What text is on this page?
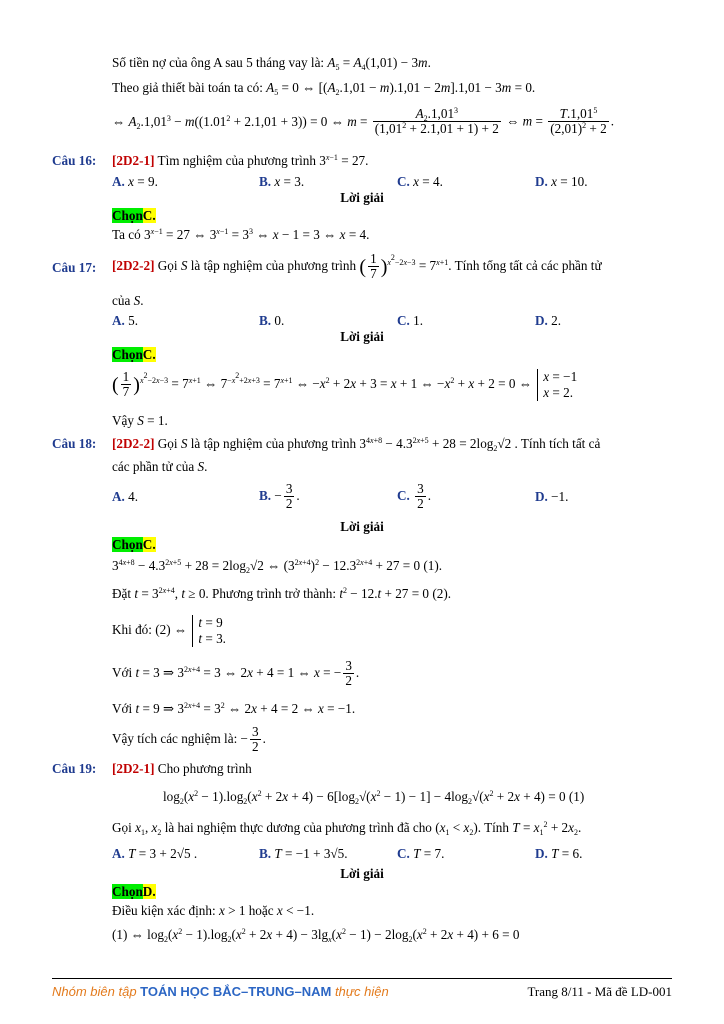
Số tiền nợ của ông A sau 5 tháng vay là: $A_5 = A_4(1,01) - 3m$.
Theo giả thiết bài toán ta có: $A_5 = 0$ ⇔ $[(A_2.1,01 - m).1,01 - 2m].1,01 - 3m = 0$.
⇔ $A_2.1,01^3 - m((1.01^2 + 2.1,01 + 3)) = 0$ ⇔ $m = \frac{A_2.1,01^3}{(1,01^2 + 2.1,01 + 1) + 2}$ ⇔ $m = \frac{T.1,01^5}{(2,01)^2 + 2}$ .
Câu 16: [2D2-1] Tìm nghiệm của phương trình $3^{x-1} = 27$.
A. x = 9.	B. x = 3.	C. x = 4.	D. x = 10.
Lời giải
ChọnC.
Ta có $3^{x-1} = 27$ ⇔ $3^{x-1} = 3^3$ ⇔ x − 1 = 3 ⇔ x = 4.
Câu 17: [2D2-2] Gọi S là tập nghiệm của phương trình ( $\frac{1}{7} )^{x^2-2x-3} = 7^{x+1}$. Tính tổng tất cả các phần tử
của S.
A. 5.	B. 0.	C. 1.	D. 2.
Lời giải
ChọnC.
( $\frac{1}{7} )^{x^2-2x-3} = 7^{x+1}$ ⇔ $7^{-x^2+2x+3} = 7^{x+1}$ ⇔ $-x^2 + 2x + 3 = x + 1$ ⇔ $-x^2 + x + 2 = 0$ ⇔ x = −1
x = 2.
Vậy S = 1.
Câu 18: [2D2-2] Gọi S là tập nghiệm của phương trình $3^{4x+8} - 4.3^{2x+5} + 28 = 2\log_2√2$ . Tính tích tất cả
các phần tử của S.
A. 4.	B. − $\frac{3}{2}$ .	C. $\frac{3}{2}$ .	D. −1.
Lời giải
ChọnC.
$3^{4x+8} - 4.3^{2x+5} + 28 = 2\log_2√2$ ⇔ $(3^{2x+4})^2 - 12.3^{2x+4} + 27 = 0$ (1).
Đặt $t = 3^{2x+4}$, t ≥ 0. Phương trình trở thành: $t^2 - 12.t + 27 = 0$ (2).
Khi đó: (2) ⇔ t = 9
t = 3.
Với t = 3 ⇒ $3^{2x+4} = 3$ ⇔ 2x + 4 = 1 ⇔ x = − $\frac{3}{2}$ .
Với t = 9 ⇒ $3^{2x+4} = 3^2$ ⇔ 2x + 4 = 2 ⇔ x = −1.
Vậy tích các nghiệm là: − $\frac{3}{2}$ .
Câu 19: [2D2-1] Cho phương trình
$\log_2(x^2 - 1).\log_2(x^2 + 2x + 4) - 6[\log_2√(x^2 - 1) - 1] - 4\log_2√(x^2 + 2x + 4) = 0$ (1)
Gọi $x_1$, $x_2$ là hai nghiệm thực dương của phương trình đã cho $(x_1 < x_2)$. Tính $T = x_1^2 + 2x_2$.
A. T = 3 + 2√5 .	B. T = −1 + 3√5.	C. T = 7.	D. T = 6.
Lời giải
ChọnD.
Điều kiện xác định: x > 1 hoặc x < −1.
(1) ⇔ $\log_2(x^2 - 1).\log_2(x^2 + 2x + 4) - 3\lg_x(x^2 - 1) - 2\log_2(x^2 + 2x + 4) + 6 = 0$
Nhóm biên tập TOÁN HỌC BẮC–TRUNG–NAM thực hiện	Trang 8/11 - Mã đề LD-001
